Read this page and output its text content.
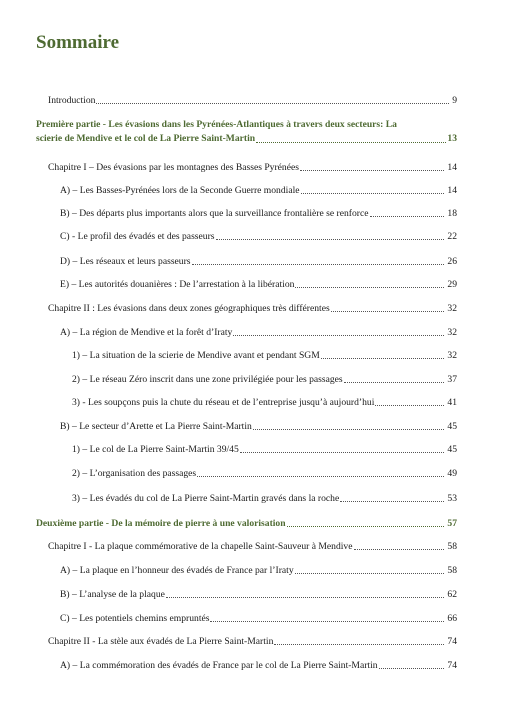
Sommaire
Introduction	9
Première partie - Les évasions dans les Pyrénées-Atlantiques à travers deux secteurs: La
scierie de Mendive et le col de La Pierre Saint-Martin	13
Chapitre I – Des évasions par les montagnes des Basses Pyrénées	14
A) – Les Basses-Pyrénées lors de la Seconde Guerre mondiale	14
B) – Des départs plus importants alors que la surveillance frontalière se renforce	18
C) - Le profil des évadés et des passeurs	22
D) – Les réseaux et leurs passeurs	26
E) – Les autorités douanières : De l’arrestation à la libération	29
Chapitre II : Les évasions dans deux zones géographiques très différentes	32
A) – La région de Mendive et la forêt d’Iraty	32
1) – La situation de la scierie de Mendive avant et pendant SGM	32
2) – Le réseau Zéro inscrit dans une zone privilégiée pour les passages	37
3) - Les soupçons puis la chute du réseau et de l’entreprise jusqu’à aujourd’hui	41
B) – Le secteur d’Arette et La Pierre Saint-Martin	45
1) – Le col de La Pierre Saint-Martin 39/45	45
2) – L’organisation des passages	49
3) – Les évadés du col de La Pierre Saint-Martin gravés dans la roche	53
Deuxième partie - De la mémoire de pierre à une valorisation	57
Chapitre I - La plaque commémorative de la chapelle Saint-Sauveur à Mendive	58
A) – La plaque en l’honneur des évadés de France par l’Iraty	58
B) – L’analyse de la plaque	62
C) – Les potentiels chemins empruntés	66
Chapitre II - La stèle aux évadés de La Pierre Saint-Martin	74
A) – La commémoration des évadés de France par le col de La Pierre Saint-Martin	74
